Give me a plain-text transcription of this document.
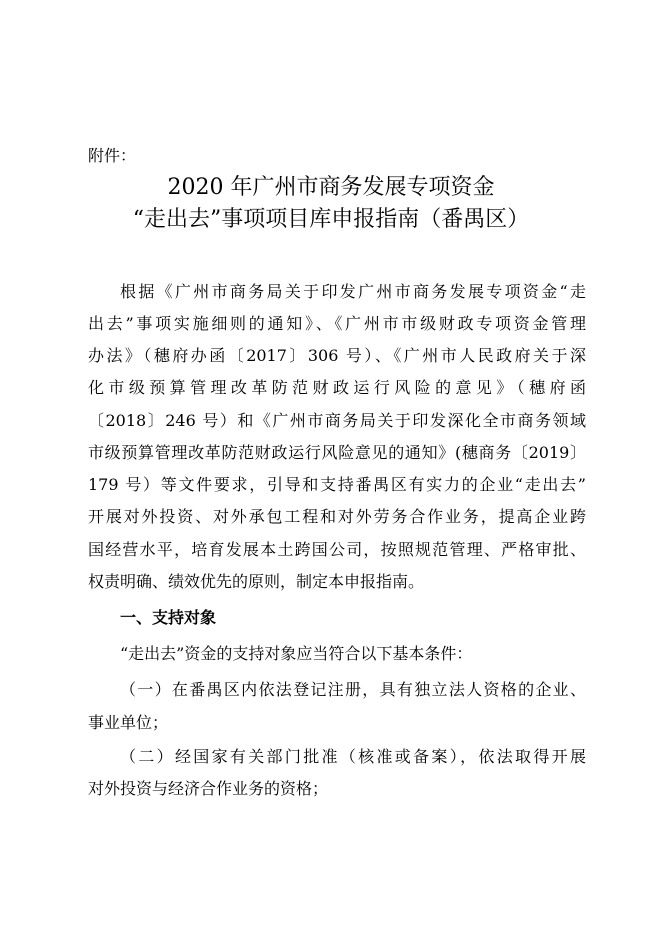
附件：
2020 年广州市商务发展专项资金
“走出去”事项项目库申报指南（番禺区）
根据《广州市商务局关于印发广州市商务发展专项资金“走
出去”事项实施细则的通知》、《广州市市级财政专项资金管理
办法》（穗府办函〔2017〕306 号）、《广州市人民政府关于深
化市级预算管理改革防范财政运行风险的意见》（穗府函
〔2018〕246 号）和《广州市商务局关于印发深化全市商务领域
市级预算管理改革防范财政运行风险意见的通知》(穗商务〔2019〕
179 号）等文件要求，引导和支持番禺区有实力的企业“走出去”
开展对外投资、对外承包工程和对外劳务合作业务，提高企业跨
国经营水平，培育发展本土跨国公司，按照规范管理、严格审批、
权责明确、绩效优先的原则，制定本申报指南。
一、支持对象
“走出去”资金的支持对象应当符合以下基本条件：
（一）在番禺区内依法登记注册，具有独立法人资格的企业、
事业单位；
（二）经国家有关部门批准（核准或备案），依法取得开展
对外投资与经济合作业务的资格；
